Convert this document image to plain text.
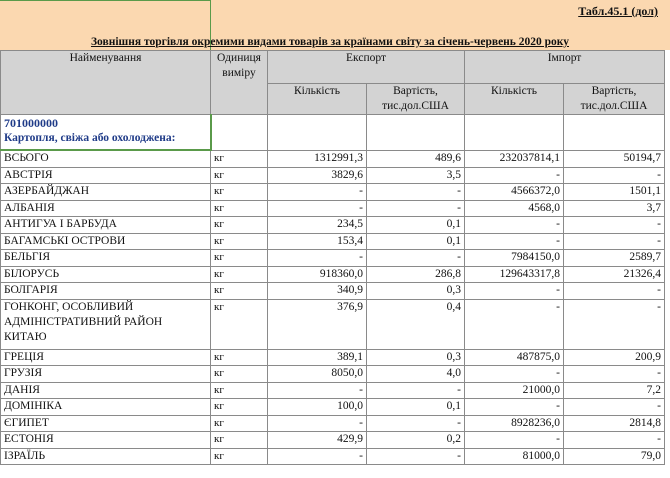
Табл.45.1 (дол)
Зовнішня торгівля окремими видами товарів за країнами світу за січень-червень 2020 року
Найменування	Одиниця виміру	Експорт		Імпорт	
		Кількість	Вартість, тис.дол.США	Кількість	Вартість, тис.дол.США

701000000
Картопля, свіжа або охолоджена:					

ВСЬОГО	кг	1312991,3	489,6	232037814,1	50194,7
АВСТРІЯ	кг	3829,6	3,5	-	-
АЗЕРБАЙДЖАН	кг	-	-	4566372,0	1501,1
АЛБАНІЯ	кг	-	-	4568,0	3,7
АНТИГУА І БАРБУДА	кг	234,5	0,1	-	-
БАГАМСЬКІ ОСТРОВИ	кг	153,4	0,1	-	-
БЕЛЬГІЯ	кг	-	-	7984150,0	2589,7
БІЛОРУСЬ	кг	918360,0	286,8	129643317,8	21326,4
БОЛГАРІЯ	кг	340,9	0,3	-	-
ГОНКОНГ, ОСОБЛИВИЙ АДМІНІСТРАТИВНИЙ РАЙОН КИТАЮ	кг	376,9	0,4	-	-
ГРЕЦІЯ	кг	389,1	0,3	487875,0	200,9
ГРУЗІЯ	кг	8050,0	4,0	-	-
ДАНІЯ	кг	-	-	21000,0	7,2
ДОМІНІКА	кг	100,0	0,1	-	-
ЄГИПЕТ	кг	-	-	8928236,0	2814,8
ЕСТОНІЯ	кг	429,9	0,2	-	-
ІЗРАЇЛЬ	кг	-	-	81000,0	79,0
